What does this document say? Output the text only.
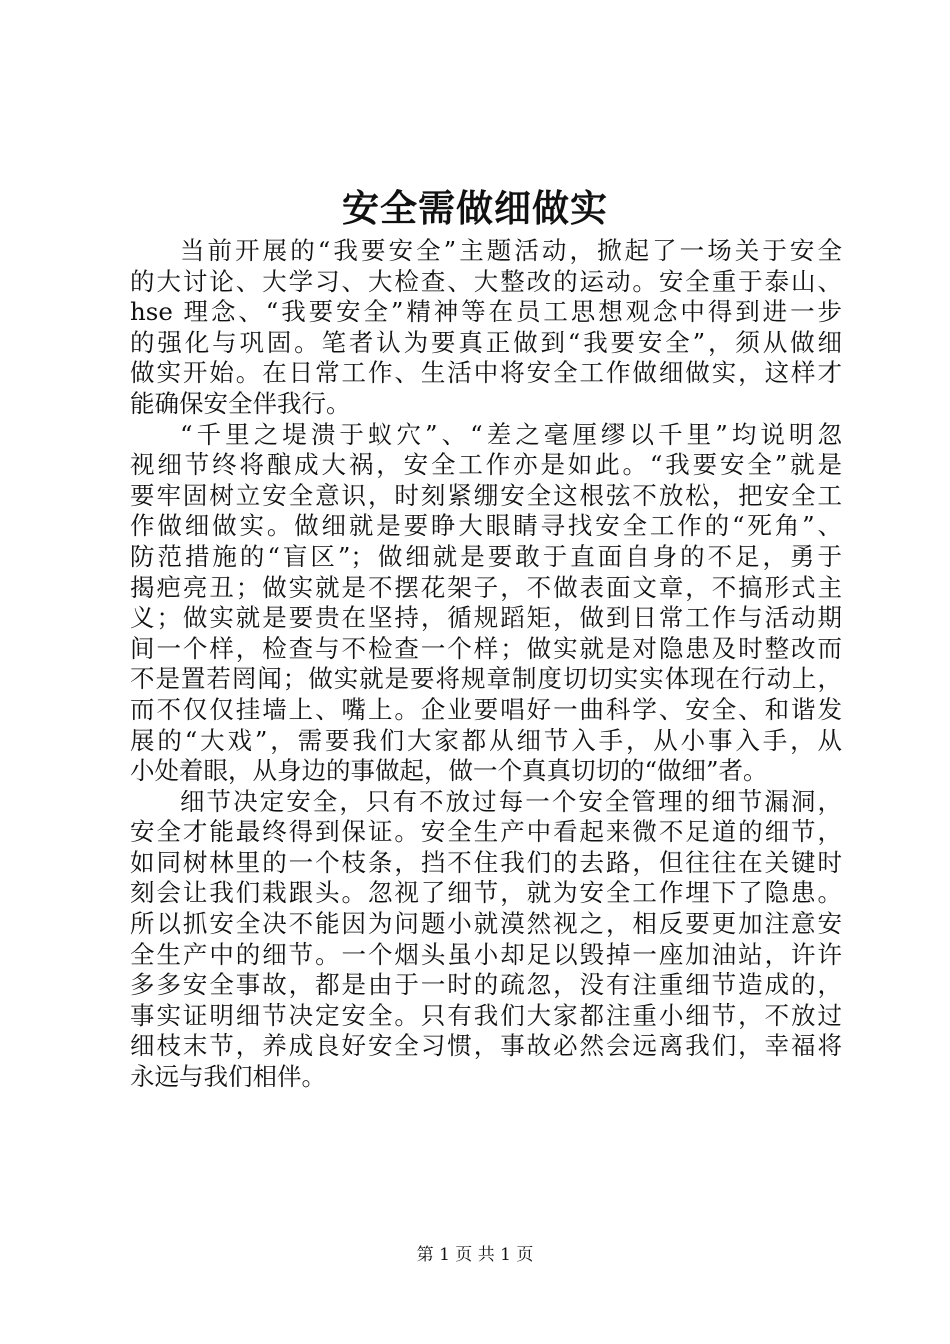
安全需做细做实
当前开展的“我要安全”主题活动，掀起了一场关于安全
的大讨论、大学习、大检查、大整改的运动。安全重于泰山、
hse 理念、“我要安全”精神等在员工思想观念中得到进一步
的强化与巩固。笔者认为要真正做到“我要安全”，须从做细
做实开始。在日常工作、生活中将安全工作做细做实，这样才
能确保安全伴我行。
“千里之堤溃于蚁穴”、“差之毫厘缪以千里”均说明忽
视细节终将酿成大祸，安全工作亦是如此。“我要安全”就是
要牢固树立安全意识，时刻紧绷安全这根弦不放松，把安全工
作做细做实。做细就是要睁大眼睛寻找安全工作的“死角”、
防范措施的“盲区”；做细就是要敢于直面自身的不足，勇于
揭疤亮丑；做实就是不摆花架子，不做表面文章，不搞形式主
义；做实就是要贵在坚持，循规蹈矩，做到日常工作与活动期
间一个样，检查与不检查一个样；做实就是对隐患及时整改而
不是置若罔闻；做实就是要将规章制度切切实实体现在行动上，
而不仅仅挂墙上、嘴上。企业要唱好一曲科学、安全、和谐发
展的“大戏”，需要我们大家都从细节入手，从小事入手，从
小处着眼，从身边的事做起，做一个真真切切的“做细”者。
细节决定安全，只有不放过每一个安全管理的细节漏洞，
安全才能最终得到保证。安全生产中看起来微不足道的细节，
如同树林里的一个枝条，挡不住我们的去路，但往往在关键时
刻会让我们栽跟头。忽视了细节，就为安全工作埋下了隐患。
所以抓安全决不能因为问题小就漠然视之，相反要更加注意安
全生产中的细节。一个烟头虽小却足以毁掉一座加油站，许许
多多安全事故，都是由于一时的疏忽，没有注重细节造成的，
事实证明细节决定安全。只有我们大家都注重小细节，不放过
细枝末节，养成良好安全习惯，事故必然会远离我们，幸福将
永远与我们相伴。
第 1 页 共 1 页
